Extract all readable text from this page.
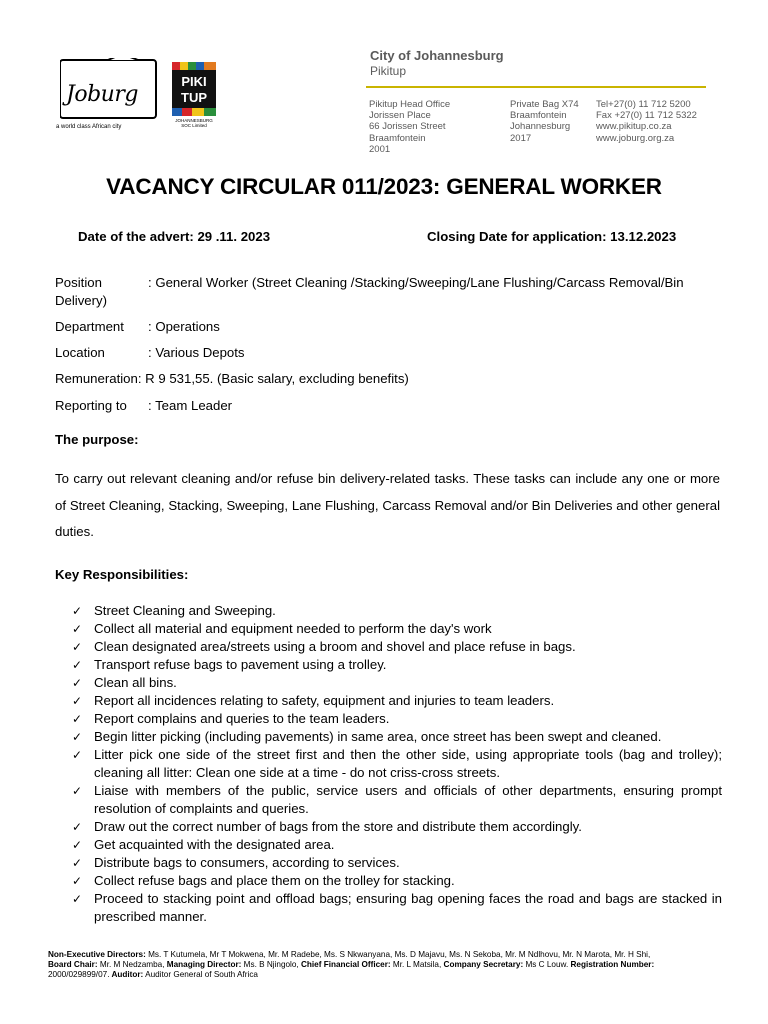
Joburg
a world class African city
PIKI
TUP
JOHANNESBURG
SOC Limited
City of Johannesburg
Pikitup
Pikitup Head Office
Jorissen Place
66 Jorissen Street
Braamfontein
2001
Private Bag X74
Braamfontein
Johannesburg
2017
Tel+27(0) 11 712 5200
Fax +27(0) 11 712 5322
www.pikitup.co.za
www.joburg.org.za
VACANCY CIRCULAR 011/2023: GENERAL WORKER
Date of the advert: 29 .11. 2023	Closing Date for application: 13.12.2023
Position	: General Worker (Street Cleaning /Stacking/Sweeping/Lane Flushing/Carcass Removal/Bin
Delivery)
Department : Operations
Location	: Various Depots
Remuneration: R 9 531,55. (Basic salary, excluding benefits)
Reporting to : Team Leader
The purpose:
To carry out relevant cleaning and/or refuse bin delivery-related tasks. These tasks can include any one or more of Street Cleaning, Stacking, Sweeping, Lane Flushing, Carcass Removal and/or Bin Deliveries and other general duties.
Key Responsibilities:
✓ Street Cleaning and Sweeping.
✓ Collect all material and equipment needed to perform the day's work
✓ Clean designated area/streets using a broom and shovel and place refuse in bags.
✓ Transport refuse bags to pavement using a trolley.
✓ Clean all bins.
✓ Report all incidences relating to safety, equipment and injuries to team leaders.
✓ Report complains and queries to the team leaders.
✓ Begin litter picking (including pavements) in same area, once street has been swept and cleaned.
✓ Litter pick one side of the street first and then the other side, using appropriate tools (bag and trolley); cleaning all litter: Clean one side at a time - do not criss-cross streets.
✓ Liaise with members of the public, service users and officials of other departments, ensuring prompt resolution of complaints and queries.
✓ Draw out the correct number of bags from the store and distribute them accordingly.
✓ Get acquainted with the designated area.
✓ Distribute bags to consumers, according to services.
✓ Collect refuse bags and place them on the trolley for stacking.
✓ Proceed to stacking point and offload bags; ensuring bag opening faces the road and bags are stacked in prescribed manner.
Non-Executive Directors: Ms. T Kutumela, Mr T Mokwena, Mr. M Radebe, Ms. S Nkwanyana, Ms. D Majavu, Ms. N Sekoba, Mr. M Ndlhovu, Mr. N Marota, Mr. H Shi,
Board Chair: Mr. M Nedzamba, Managing Director: Ms. B Njingolo, Chief Financial Officer: Mr. L Matsila, Company Secretary: Ms C Louw. Registration Number:
2000/029899/07. Auditor: Auditor General of South Africa
